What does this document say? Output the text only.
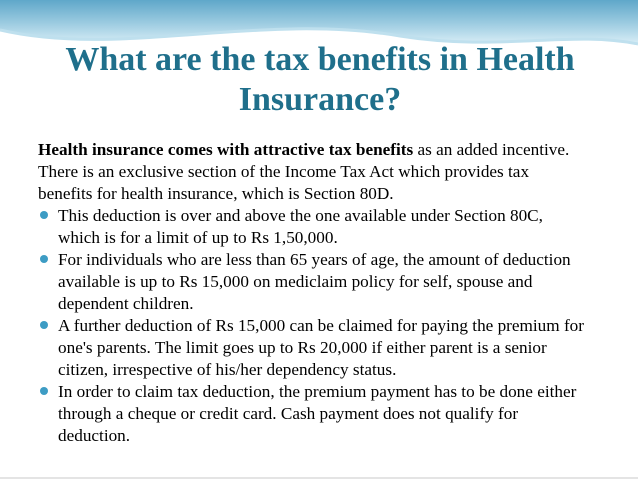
What are the tax benefits in Health
Insurance?

Health insurance comes with attractive tax benefits as an added incentive.
There is an exclusive section of the Income Tax Act which provides tax
benefits for health insurance, which is Section 80D.

This deduction is over and above the one available under Section 80C,
which is for a limit of up to Rs 1,50,000.
For individuals who are less than 65 years of age, the amount of deduction
available is up to Rs 15,000 on mediclaim policy for self, spouse and
dependent children.
A further deduction of Rs 15,000 can be claimed for paying the premium for
one's parents. The limit goes up to Rs 20,000 if either parent is a senior
citizen, irrespective of his/her dependency status.
In order to claim tax deduction, the premium payment has to be done either
through a cheque or credit card. Cash payment does not qualify for
deduction.
